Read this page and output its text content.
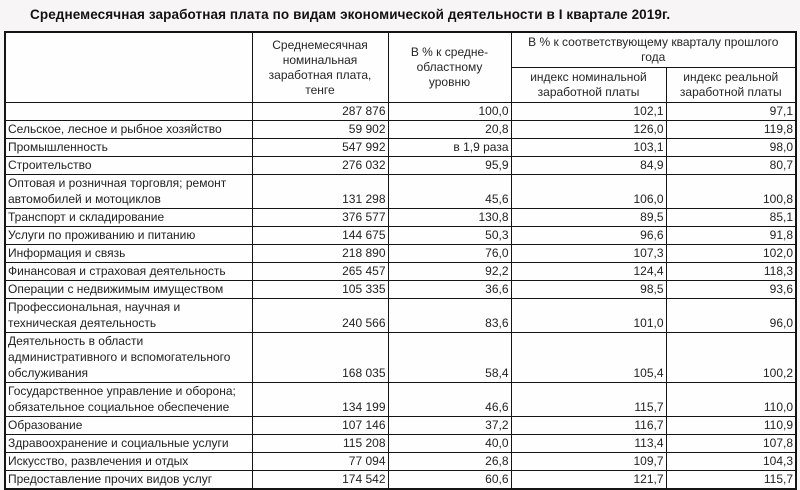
Среднемесячная заработная плата по видам экономической деятельности в I квартале 2019г.
	Среднемесячная номинальная заработная плата, тенге	В % к средне-областному уровню	В % к соответствующему кварталу прошлого года	
			индекс номинальной заработной платы	индекс реальной заработной платы
	287 876	100,0	102,1	97,1
Сельское, лесное и рыбное хозяйство	59 902	20,8	126,0	119,8
Промышленность	547 992	в 1,9 раза	103,1	98,0
Строительство	276 032	95,9	84,9	80,7
Оптовая и розничная торговля; ремонт автомобилей и мотоциклов	131 298	45,6	106,0	100,8
Транспорт и складирование	376 577	130,8	89,5	85,1
Услуги по проживанию и питанию	144 675	50,3	96,6	91,8
Информация и связь	218 890	76,0	107,3	102,0
Финансовая и страховая деятельность	265 457	92,2	124,4	118,3
Операции с недвижимым имуществом	105 335	36,6	98,5	93,6
Профессиональная, научная и техническая деятельность	240 566	83,6	101,0	96,0
Деятельность в области административного и вспомогательного обслуживания	168 035	58,4	105,4	100,2
Государственное управление и оборона; обязательное социальное обеспечение	134 199	46,6	115,7	110,0
Образование	107 146	37,2	116,7	110,9
Здравоохранение и социальные услуги	115 208	40,0	113,4	107,8
Искусство, развлечения и отдых	77 094	26,8	109,7	104,3
Предоставление прочих видов услуг	174 542	60,6	121,7	115,7
